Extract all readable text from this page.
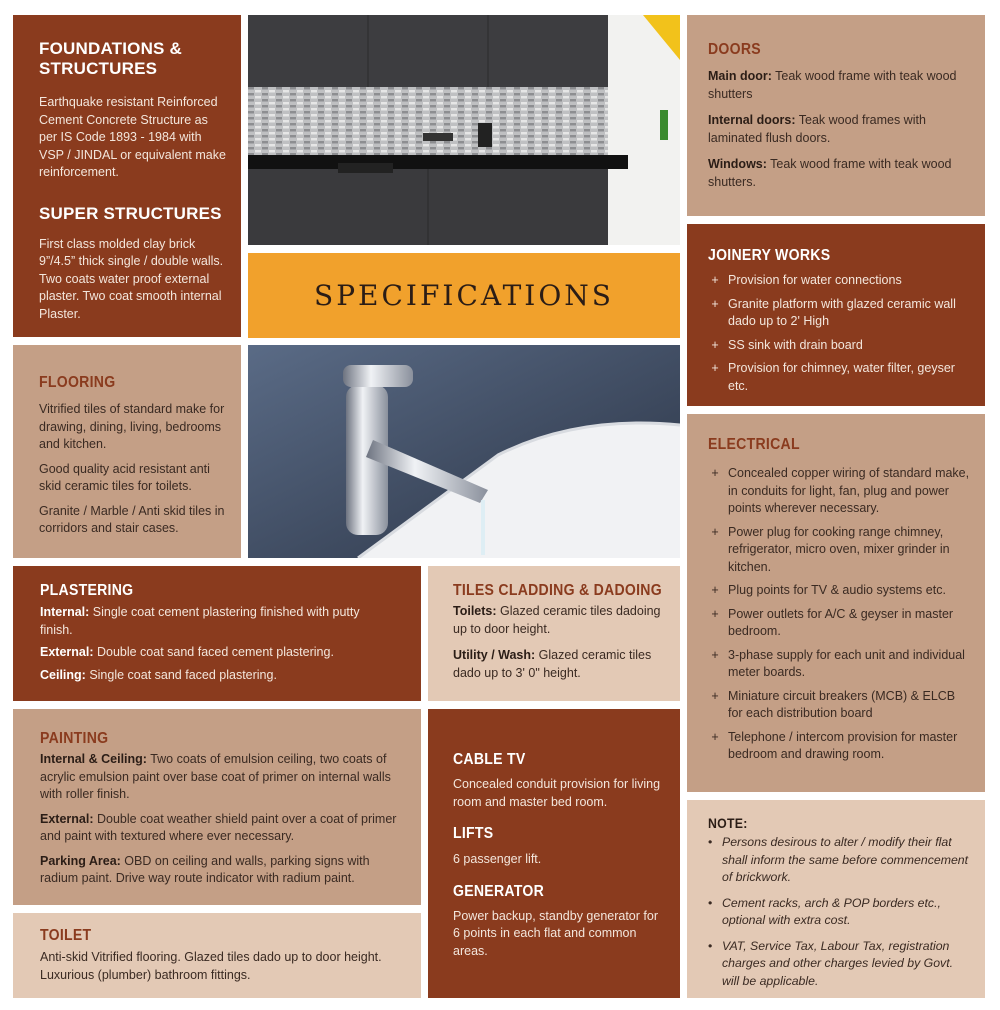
FOUNDATIONS & STRUCTURES

Earthquake resistant Reinforced Cement Concrete Structure as per IS Code 1893 - 1984 with VSP / JINDAL or equivalent make reinforcement.

SUPER STRUCTURES

First class molded clay brick 9”/4.5” thick single / double walls. Two coats water proof external plaster. Two coat smooth internal Plaster.

SPECIFICATIONS
FLOORING

Vitrified tiles of standard make for drawing, dining, living, bedrooms and kitchen.

Good quality acid resistant anti skid ceramic tiles for toilets.

Granite / Marble / Anti skid tiles in corridors and stair cases.

DOORS

Main door: Teak wood frame with teak wood shutters

Internal doors: Teak wood frames with laminated flush doors.

Windows: Teak wood frame with teak wood shutters.

JOINERY WORKS
+ Provision for water connections
+ Granite platform with glazed ceramic wall dado up to 2' High
+ SS sink with drain board
+ Provision for chimney, water filter, geyser etc.
ELECTRICAL
+ Concealed copper wiring of standard make, in conduits for light, fan, plug and power points wherever necessary.
+ Power plug for cooking range chimney, refrigerator, micro oven, mixer grinder in kitchen.
+ Plug points for TV & audio systems etc.
+ Power outlets for A/C & geyser in master bedroom.
+ 3-phase supply for each unit and individual meter boards.
+ Miniature circuit breakers (MCB) & ELCB for each distribution board
+ Telephone / intercom provision for master bedroom and drawing room.
PLASTERING

Internal: Single coat cement plastering finished with putty finish.

External: Double coat sand faced cement plastering.

Ceiling: Single coat sand faced plastering.

TILES CLADDING & DADOING

Toilets: Glazed ceramic tiles dadoing up to door height.

Utility / Wash: Glazed ceramic tiles dado up to 3' 0" height.

PAINTING

Internal & Ceiling: Two coats of emulsion ceiling, two coats of acrylic emulsion paint over base coat of primer on internal walls with roller finish.

External: Double coat weather shield paint over a coat of primer and paint with textured where ever necessary.

Parking Area: OBD on ceiling and walls, parking signs with radium paint. Drive way route indicator with radium paint.

TOILET

Anti-skid Vitrified flooring. Glazed tiles dado up to door height. Luxurious (plumber) bathroom fittings.

CABLE TV

Concealed conduit provision for living room and master bed room.

LIFTS

6 passenger lift.

GENERATOR

Power backup, standby generator for 6 points in each flat and common areas.

NOTE:
• Persons desirous to alter / modify their flat shall inform the same before commencement of brickwork.
• Cement racks, arch & POP borders etc., optional with extra cost.
• VAT, Service Tax, Labour Tax, registration charges and other charges levied by Govt. will be applicable.
